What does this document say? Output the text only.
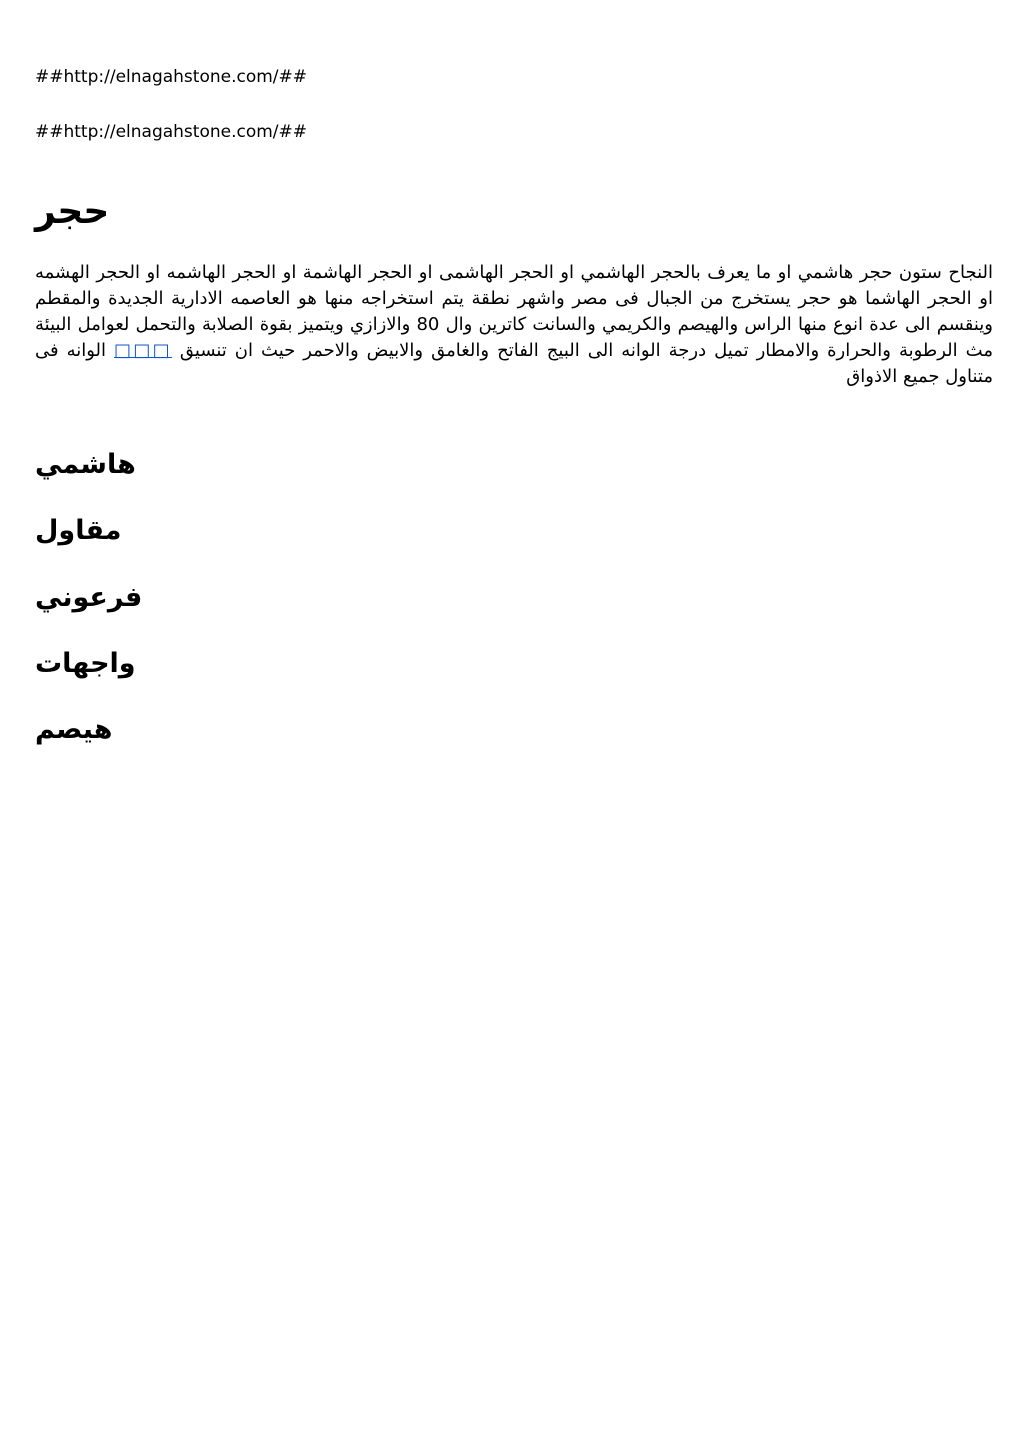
##http://elnagahstone.com/##
##http://elnagahstone.com/##
حجر

النجاح ستون حجر هاشمي او ما يعرف بالحجر الهاشمي او الحجر الهاشمى او الحجر الهاشمة او الحجر الهاشمه او الحجر الهشمه او الحجر الهاشما هو حجر يستخرج من الجبال فى مصر واشهر نطقة يتم استخراجه منها هو العاصمه الادارية الجديدة والمقطم وينقسم الى عدة انوع منها الراس والهيصم والكريمي والسانت كاترين وال 80 والازازي ويتميز بقوة الصلابة والتحمل لعوامل البيئة مث الرطوبة والحرارة والامطار تميل درجة الوانه الى البيج الفاتح والغامق والابيض والاحمر حيث ان تنسيق □□□ الوانه فى متناول جميع الاذواق

هاشمي
مقاول
فرعوني
واجهات
هيصم
